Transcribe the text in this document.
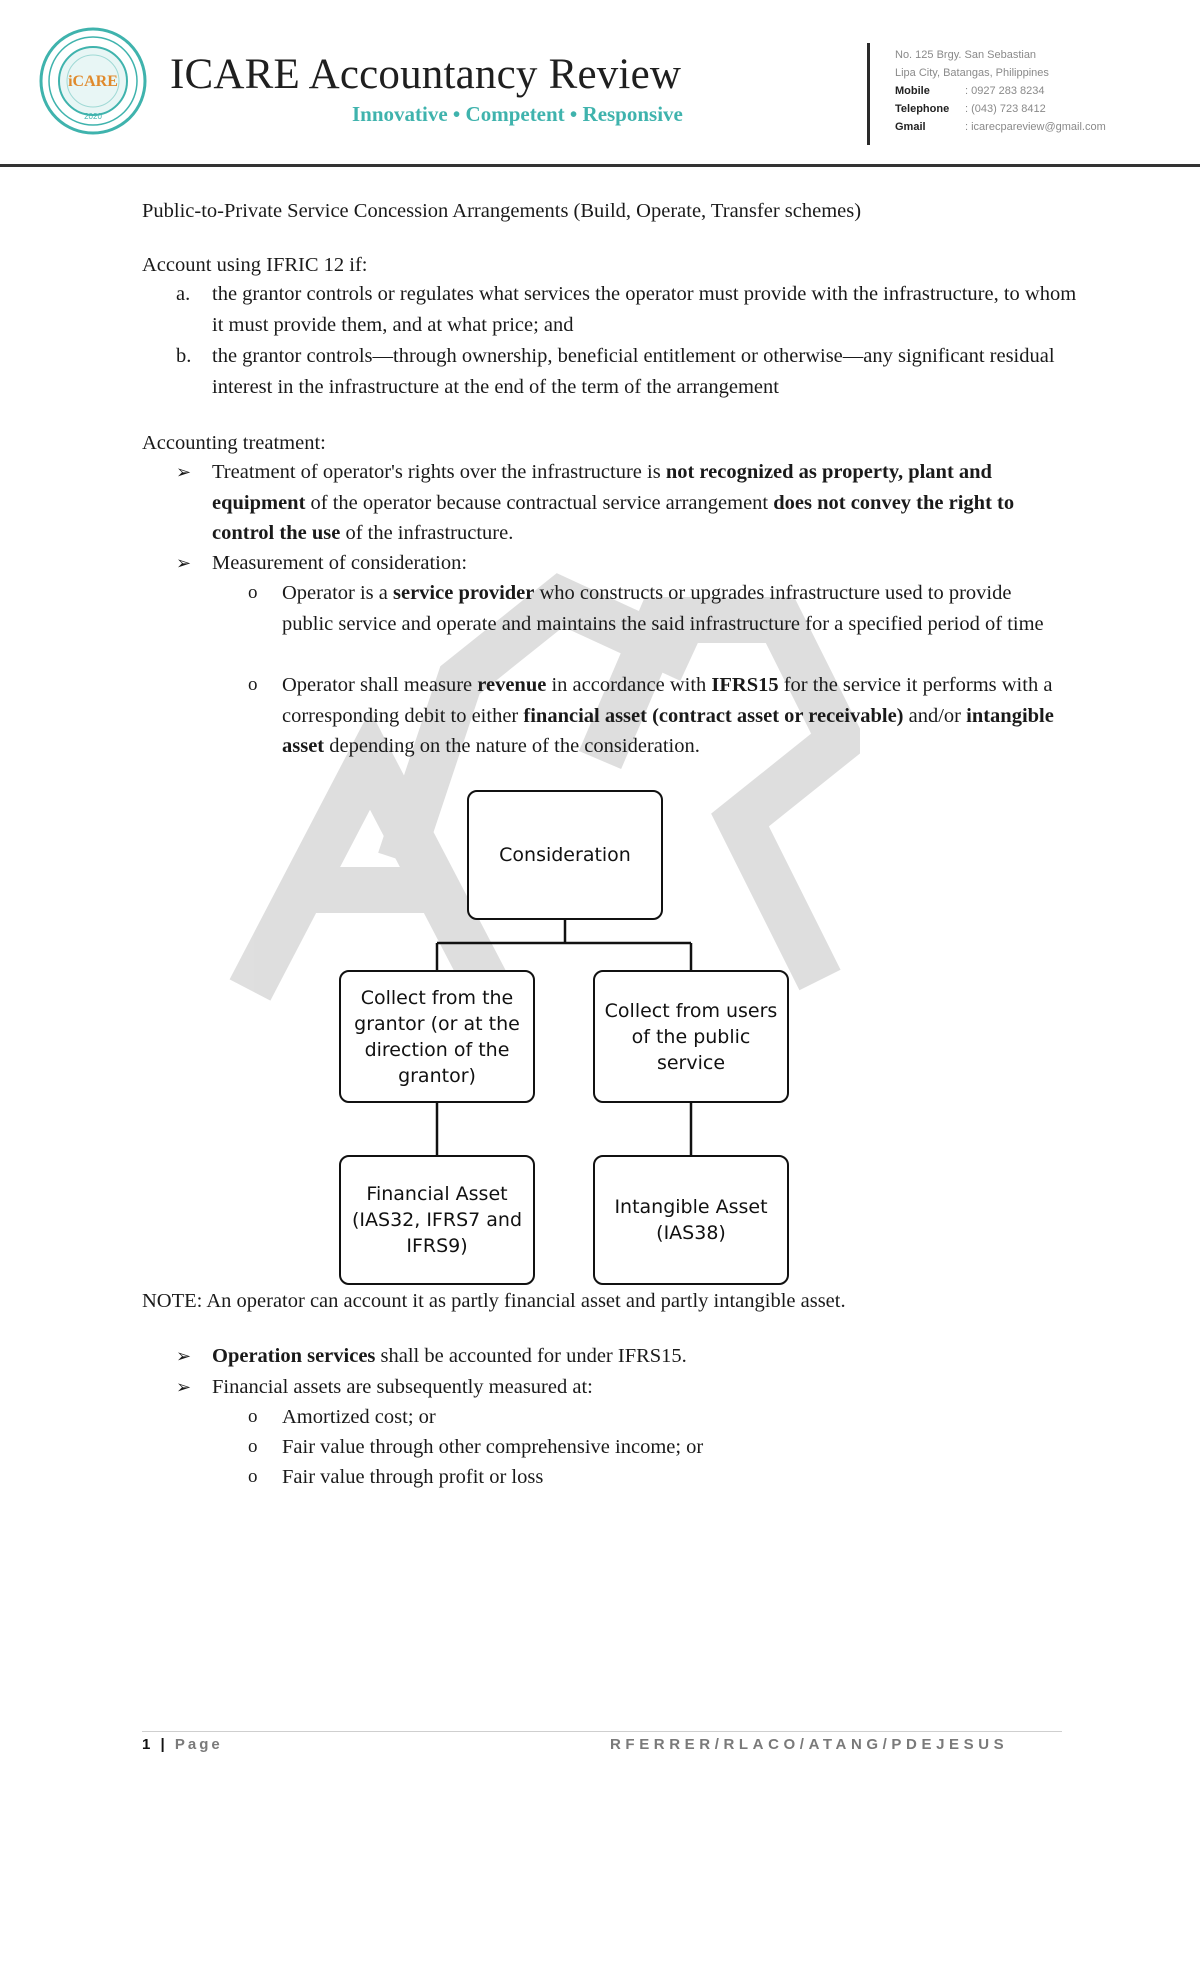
iCARE
2020
ICARE Accountancy Review
Innovative • Competent • Responsive
No. 125 Brgy. San Sebastian
Lipa City, Batangas, Philippines
Mobile	: 0927 283 8234
Telephone	: (043) 723 8412
Gmail	: icarecpareview@gmail.com
Public-to-Private Service Concession Arrangements (Build, Operate, Transfer schemes)
Account using IFRIC 12 if:
a. the grantor controls or regulates what services the operator must provide with the infrastructure, to whom it must provide them, and at what price; and
b. the grantor controls—through ownership, beneficial entitlement or otherwise—any significant residual interest in the infrastructure at the end of the term of the arrangement
Accounting treatment:
➢ Treatment of operator's rights over the infrastructure is not recognized as property, plant and equipment of the operator because contractual service arrangement does not convey the right to control the use of the infrastructure.
➢ Measurement of consideration:
o Operator is a service provider who constructs or upgrades infrastructure used to provide public service and operate and maintains the said infrastructure for a specified period of time
o Operator shall measure revenue in accordance with IFRS15 for the service it performs with a corresponding debit to either financial asset (contract asset or receivable) and/or intangible asset depending on the nature of the consideration.
Consideration
Collect from the grantor (or at the direction of the grantor)
Collect from users of the public service
Financial Asset (IAS32, IFRS7 and IFRS9)
Intangible Asset (IAS38)
NOTE: An operator can account it as partly financial asset and partly intangible asset.
➢ Operation services shall be accounted for under IFRS15.
➢ Financial assets are subsequently measured at:
o Amortized cost; or
o Fair value through other comprehensive income; or
o Fair value through profit or loss
1 | Page	RFERRER/RLACO/ATANG/PDEJESUS
